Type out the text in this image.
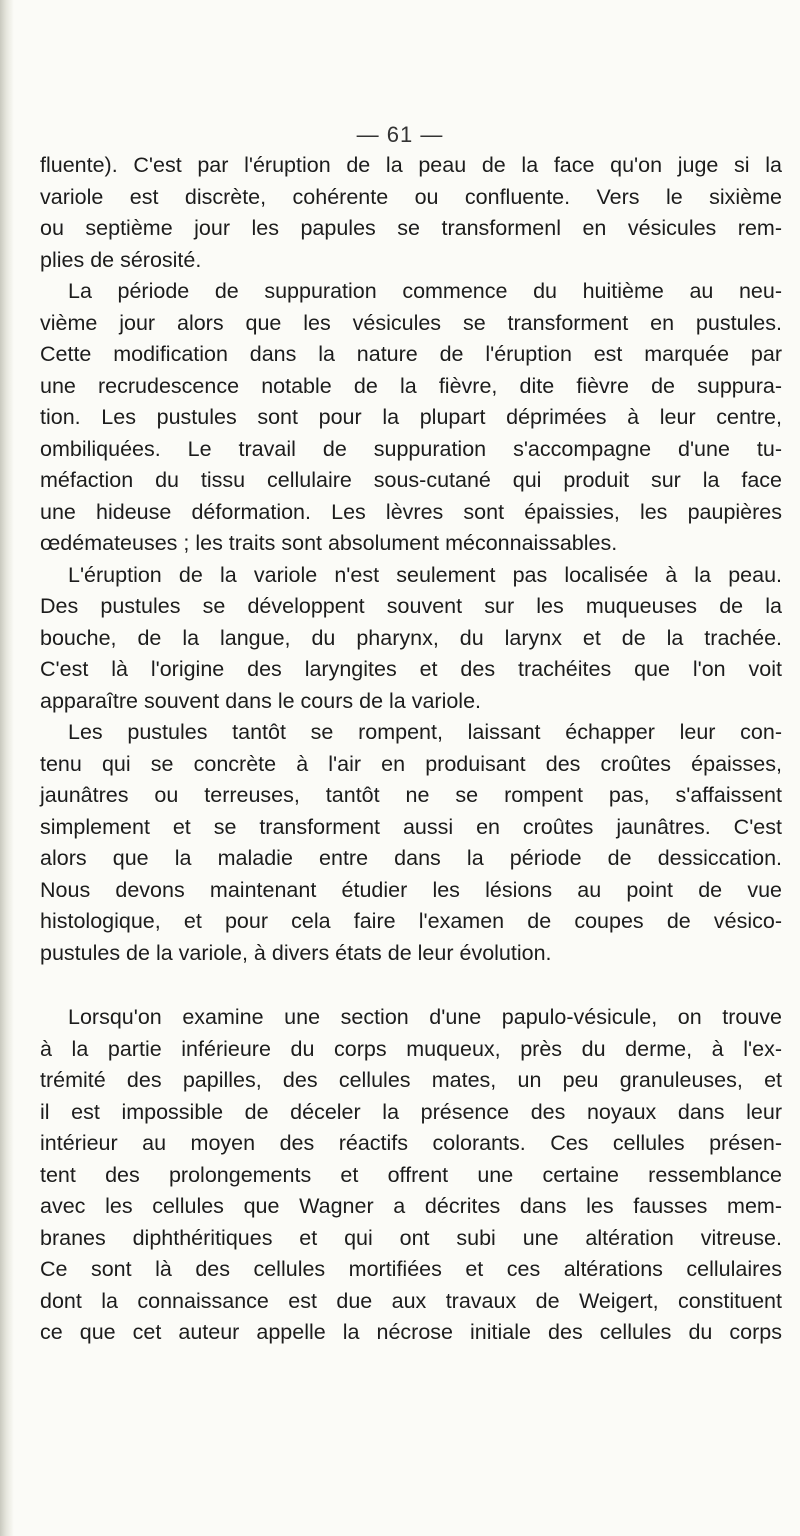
— 61 —
fluente). C'est par l'éruption de la peau de la face qu'on juge si la
variole est discrète, cohérente ou confluente. Vers le sixième
ou septième jour les papules se transformenl en vésicules rem-
plies de sérosité.
La période de suppuration commence du huitième au neu-
vième jour alors que les vésicules se transforment en pustules.
Cette modification dans la nature de l'éruption est marquée par
une recrudescence notable de la fièvre, dite fièvre de suppura-
tion. Les pustules sont pour la plupart déprimées à leur centre,
ombiliquées. Le travail de suppuration s'accompagne d'une tu-
méfaction du tissu cellulaire sous-cutané qui produit sur la face
une hideuse déformation. Les lèvres sont épaissies, les paupières
œdémateuses ; les traits sont absolument méconnaissables.
L'éruption de la variole n'est seulement pas localisée à la peau.
Des pustules se développent souvent sur les muqueuses de la
bouche, de la langue, du pharynx, du larynx et de la trachée.
C'est là l'origine des laryngites et des trachéites que l'on voit
apparaître souvent dans le cours de la variole.
Les pustules tantôt se rompent, laissant échapper leur con-
tenu qui se concrète à l'air en produisant des croûtes épaisses,
jaunâtres ou terreuses, tantôt ne se rompent pas, s'affaissent
simplement et se transforment aussi en croûtes jaunâtres. C'est
alors que la maladie entre dans la période de dessiccation.
Nous devons maintenant étudier les lésions au point de vue
histologique, et pour cela faire l'examen de coupes de vésico-
pustules de la variole, à divers états de leur évolution.
Lorsqu'on examine une section d'une papulo-vésicule, on trouve
à la partie inférieure du corps muqueux, près du derme, à l'ex-
trémité des papilles, des cellules mates, un peu granuleuses, et
il est impossible de déceler la présence des noyaux dans leur
intérieur au moyen des réactifs colorants. Ces cellules présen-
tent des prolongements et offrent une certaine ressemblance
avec les cellules que Wagner a décrites dans les fausses mem-
branes diphthéritiques et qui ont subi une altération vitreuse.
Ce sont là des cellules mortifiées et ces altérations cellulaires
dont la connaissance est due aux travaux de Weigert, constituent
ce que cet auteur appelle la nécrose initiale des cellules du corps
